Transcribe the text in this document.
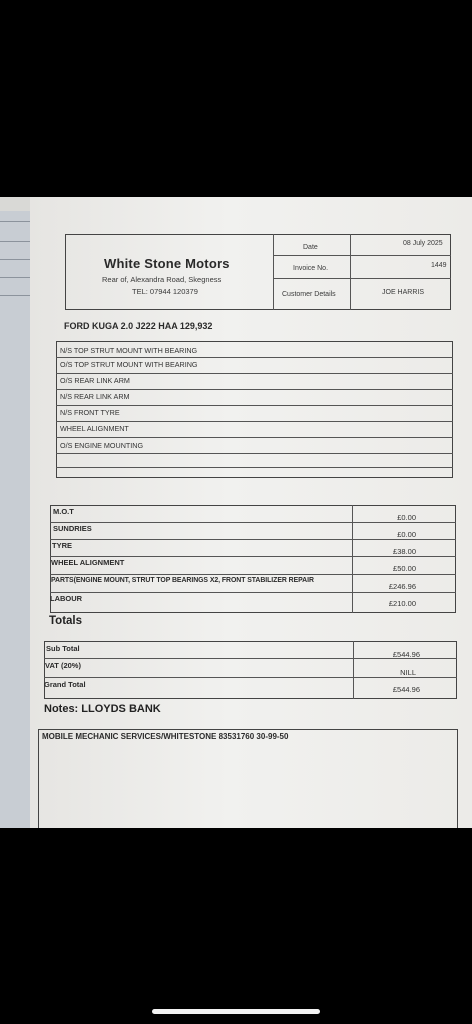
White Stone Motors
Rear of, Alexandra Road, Skegness
TEL: 07944 120379
Date
08 July 2025
Invoice No.	1449
Customer Details	JOE HARRIS
FORD KUGA 2.0 J222 HAA 129,932
N/S TOP STRUT MOUNT WITH BEARING
O/S TOP STRUT MOUNT WITH BEARING
O/S REAR LINK ARM
N/S REAR LINK ARM
N/S FRONT TYRE
WHEEL ALIGNMENT
O/S ENGINE MOUNTING
M.O.T
£0.00
SUNDRIES
£0.00
TYRE
£38.00
WHEEL ALIGNMENT
£50.00
PARTS(ENGINE MOUNT, STRUT TOP BEARINGS X2, FRONT STABILIZER REPAIR
£246.96
LABOUR
£210.00
Totals
Sub Total
£544.96
VAT (20%)
NILL
Grand Total
£544.96
Notes: LLOYDS BANK
MOBILE MECHANIC SERVICES/WHITESTONE 83531760 30-99-50
